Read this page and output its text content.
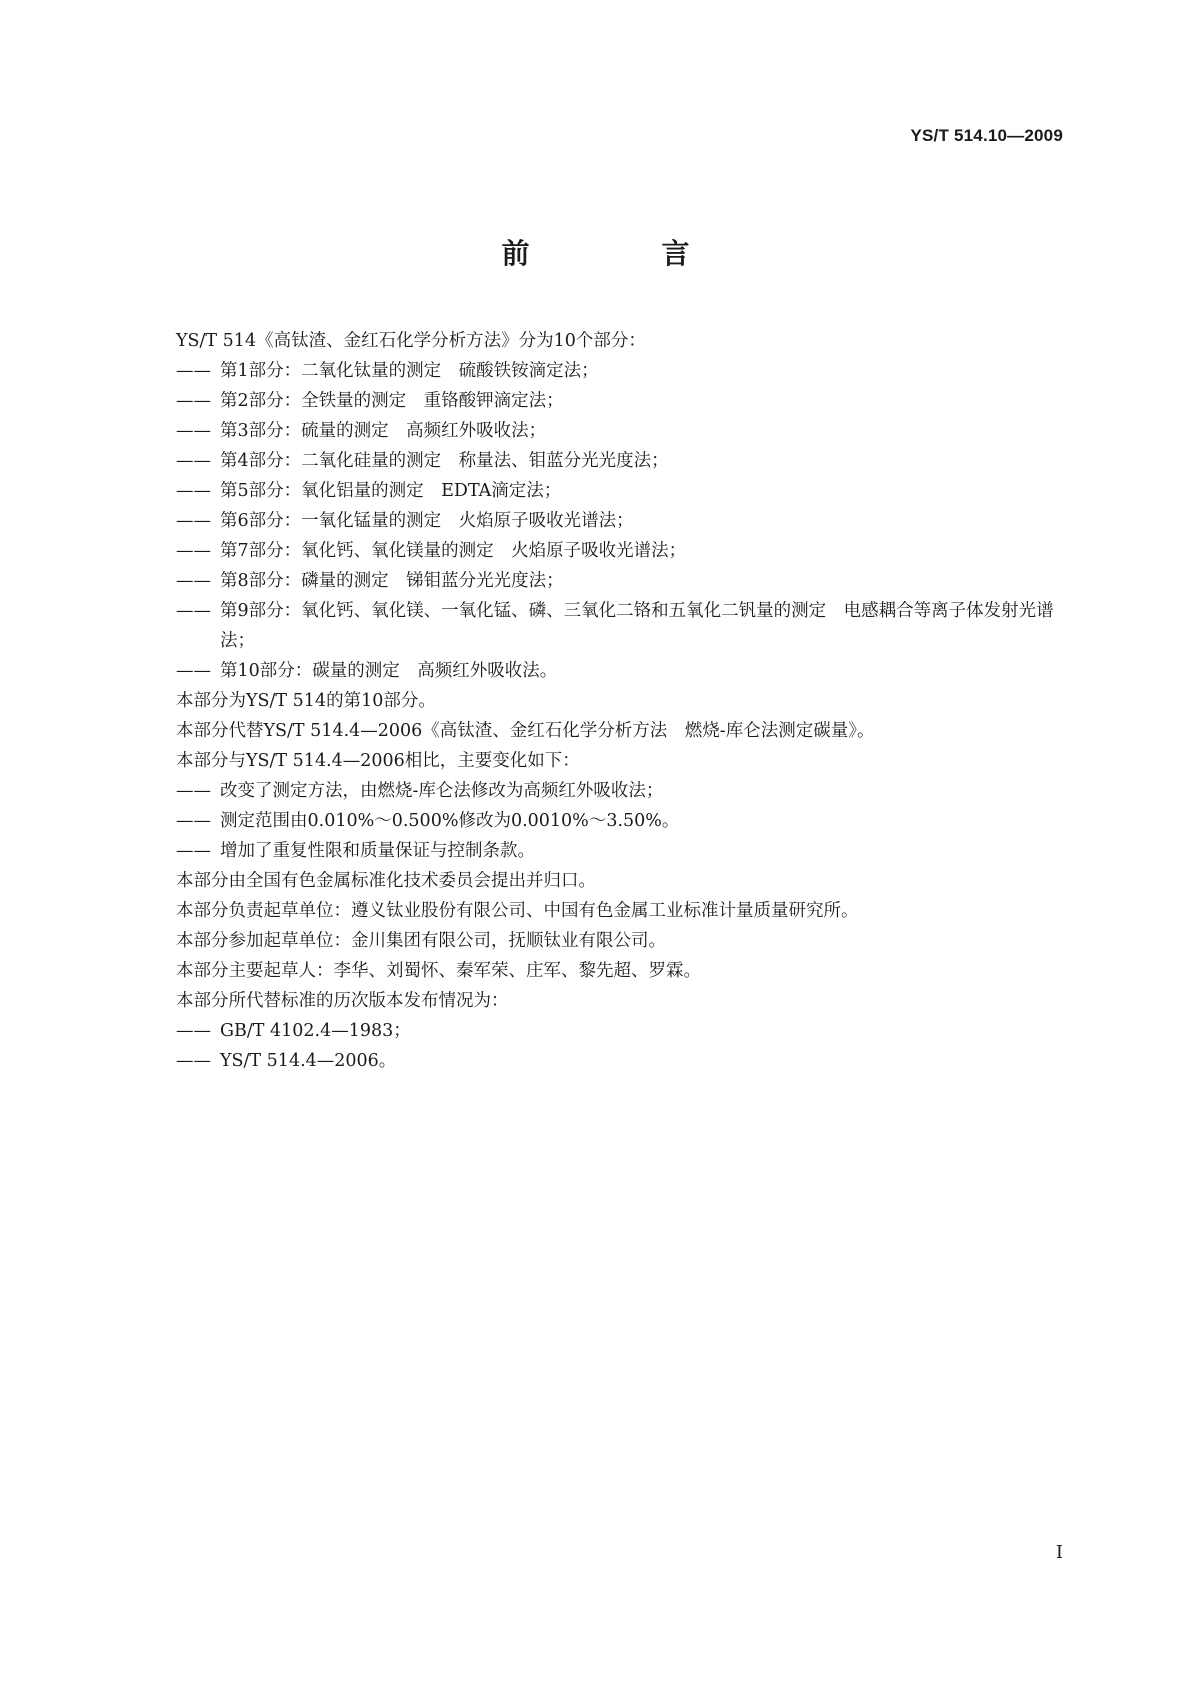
YS/T 514.10—2009
前　言
YS/T 514《高钛渣、金红石化学分析方法》分为10个部分：
—— 第1部分：二氧化钛量的测定　硫酸铁铵滴定法；
—— 第2部分：全铁量的测定　重铬酸钾滴定法；
—— 第3部分：硫量的测定　高频红外吸收法；
—— 第4部分：二氧化硅量的测定　称量法、钼蓝分光光度法；
—— 第5部分：氧化铝量的测定　EDTA滴定法；
—— 第6部分：一氧化锰量的测定　火焰原子吸收光谱法；
—— 第7部分：氧化钙、氧化镁量的测定　火焰原子吸收光谱法；
—— 第8部分：磷量的测定　锑钼蓝分光光度法；
—— 第9部分：氧化钙、氧化镁、一氧化锰、磷、三氧化二铬和五氧化二钒量的测定　电感耦合等离子体发射光谱法；
—— 第10部分：碳量的测定　高频红外吸收法。
本部分为YS/T 514的第10部分。
本部分代替YS/T 514.4—2006《高钛渣、金红石化学分析方法　燃烧-库仑法测定碳量》。
本部分与YS/T 514.4—2006相比，主要变化如下：
—— 改变了测定方法，由燃烧-库仑法修改为高频红外吸收法；
—— 测定范围由0.010%～0.500%修改为0.0010%～3.50%。
—— 增加了重复性限和质量保证与控制条款。
本部分由全国有色金属标准化技术委员会提出并归口。
本部分负责起草单位：遵义钛业股份有限公司、中国有色金属工业标准计量质量研究所。
本部分参加起草单位：金川集团有限公司，抚顺钛业有限公司。
本部分主要起草人：李华、刘蜀怀、秦军荣、庄军、黎先超、罗霖。
本部分所代替标准的历次版本发布情况为：
—— GB/T 4102.4—1983；
—— YS/T 514.4—2006。
I
